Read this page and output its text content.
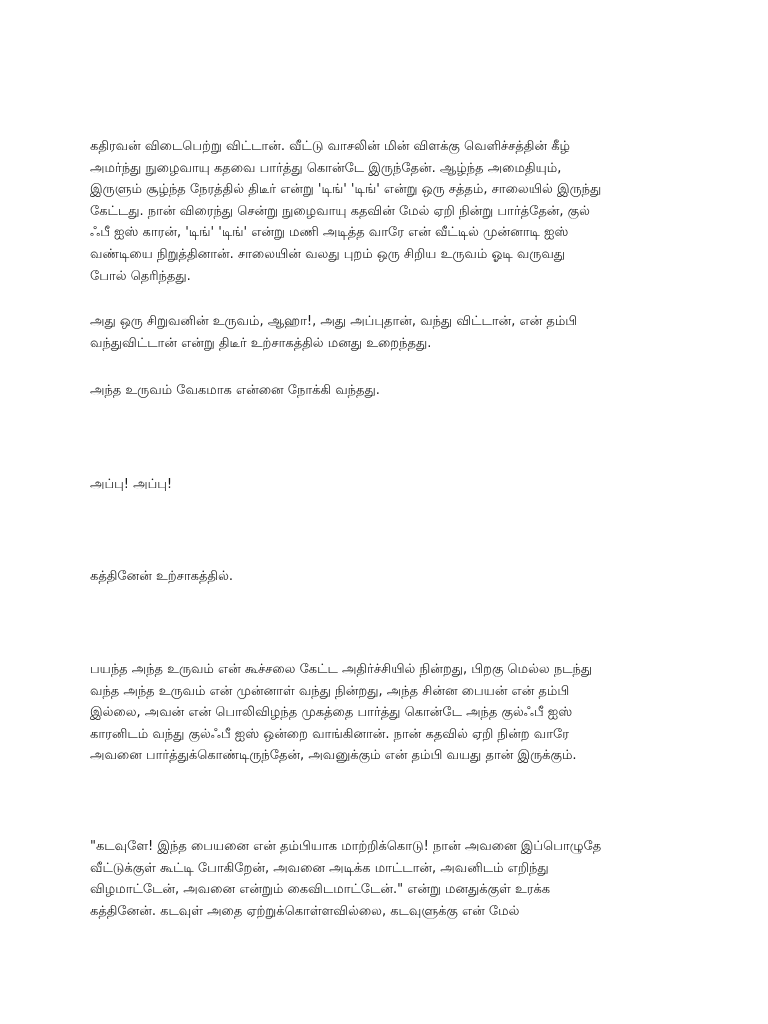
கதிரவன் விடைபெற்று விட்டான். வீட்டு வாசலின் மின் விளக்கு வெளிச்சத்தின் கீழ்
அமர்ந்து நுழைவாயு கதவை பார்த்து கொன்டே இருந்தேன். ஆழ்ந்த அமைதியும்,
இருளும் சூழ்ந்த நேரத்தில் திடீர் என்று 'டிங்' 'டிங்' என்று ஒரு சத்தம், சாலையில் இருந்து
கேட்டது. நான் விரைந்து சென்று நுழைவாயு கதவின் மேல் ஏறி நின்று பார்த்தேன், குல்
ஃபீ ஐஸ் காரன், 'டிங்' 'டிங்' என்று மணி அடித்த வாரே என் வீட்டில் முன்னாடி ஐஸ்
வண்டியை நிறுத்தினான். சாலையின் வலது புறம் ஒரு சிறிய உருவம் ஓடி வருவது
போல் தெரிந்தது.

அது ஒரு சிறுவனின் உருவம், ஆஹா!, அது அப்புதான், வந்து விட்டான், என் தம்பி
வந்துவிட்டான் என்று திடீர் உற்சாகத்தில் மனது உறைந்தது.

அந்த உருவம் வேகமாக என்னை நோக்கி வந்தது.

அப்பு! அப்பு!

கத்தினேன் உற்சாகத்தில்.

பயந்த அந்த உருவம் என் கூச்சலை கேட்ட அதிர்ச்சியில் நின்றது, பிறகு மெல்ல நடந்து
வந்த அந்த உருவம் என் முன்னாள் வந்து நின்றது, அந்த சின்ன பையன் என் தம்பி
இல்லை, அவன் என் பொலிவிழந்த முகத்தை பார்த்து கொன்டே அந்த குல்ஃபீ ஐஸ்
காரனிடம் வந்து குல்ஃபீ ஐஸ் ஒன்றை வாங்கினான். நான் கதவில் ஏறி நின்ற வாரே
அவனை பார்த்துக்கொண்டிருந்தேன், அவனுக்கும் என் தம்பி வயது தான் இருக்கும்.

"கடவுளே! இந்த பையனை என் தம்பியாக மாற்றிக்கொடு! நான் அவனை இப்பொழுதே
வீட்டுக்குள் கூட்டி போகிறேன், அவனை அடிக்க மாட்டான், அவனிடம் எறிந்து
விழமாட்டேன், அவனை என்றும் கைவிடமாட்டேன்." என்று மனதுக்குள் உரக்க
கத்தினேன். கடவுள் அதை ஏற்றுக்கொள்ளவில்லை, கடவுளுக்கு என் மேல்
